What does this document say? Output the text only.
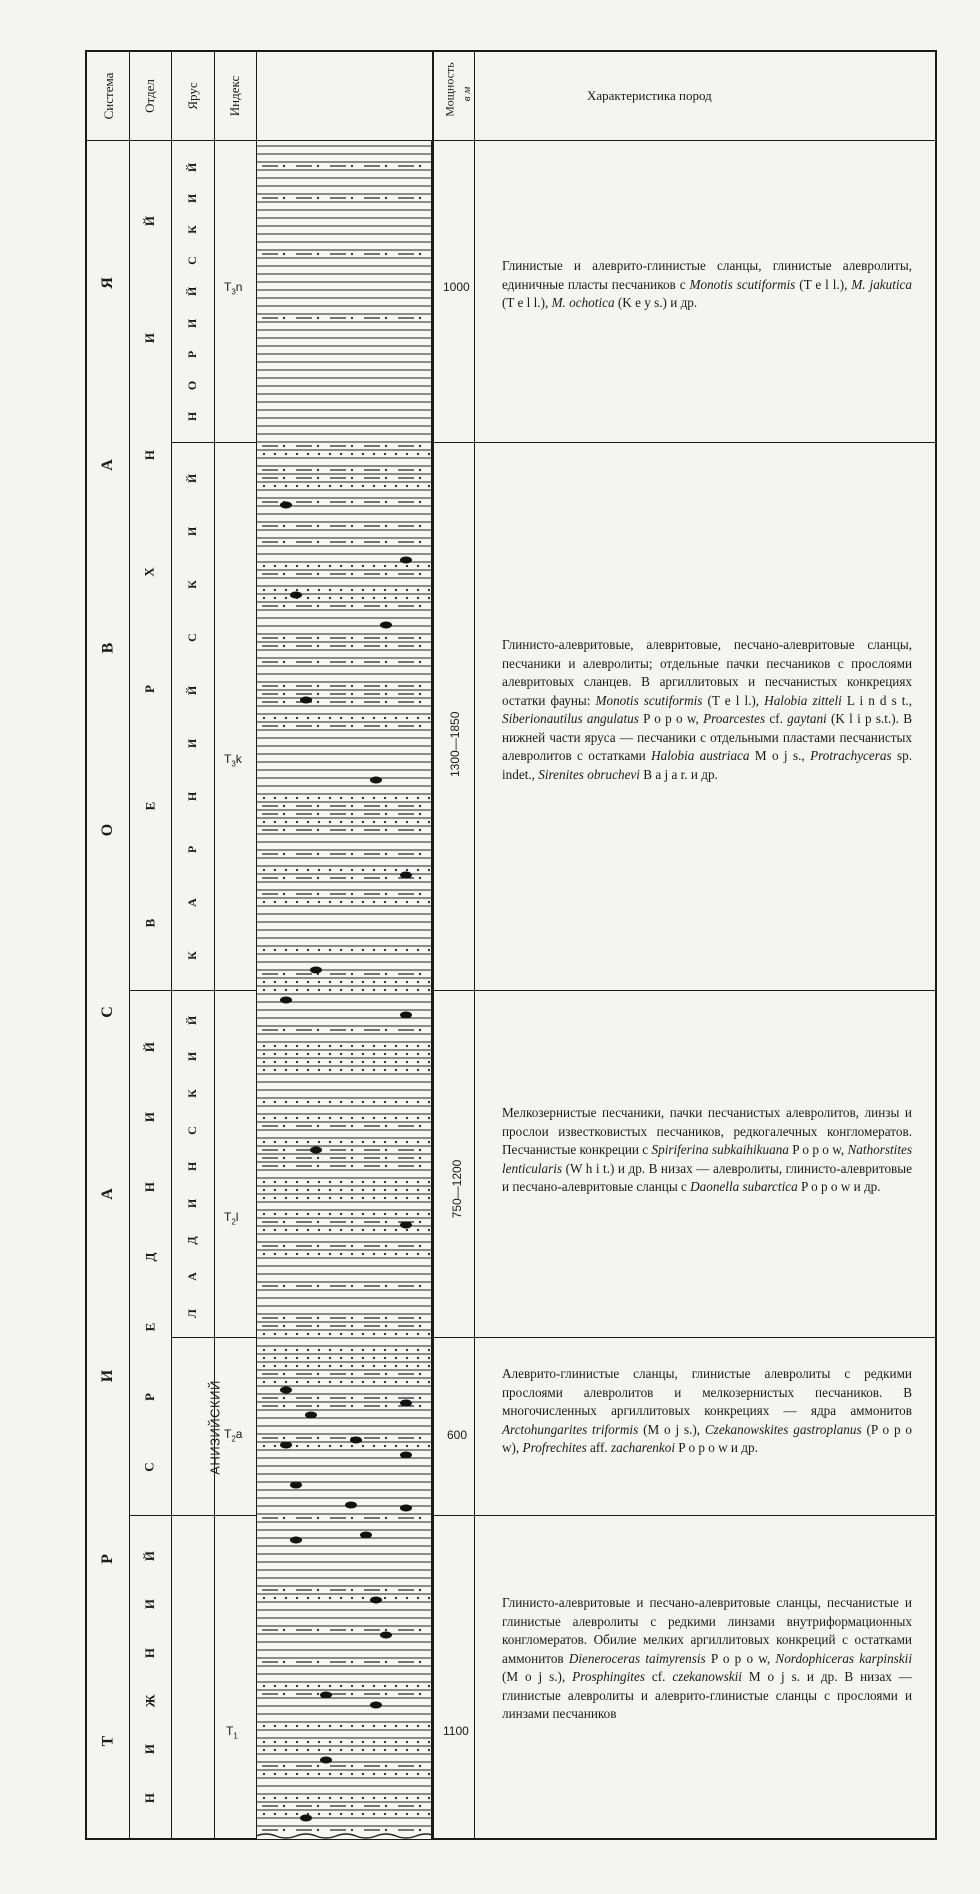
Система Отдел Ярус Индекс	Мощность в м	Характеристика пород
Я
А
В
О
С
А
И
Р
Т
Й
И
Н
Х
Р
Е
В
Й
И
Н
Д
Е
Р
С
Й
И
Н
Ж
И
Н
Й
И
К
С
Й
И
Р
О
Н
Й
И
К
С
Й
И
Н
Р
А
К
Й
И
К
С
Н
И
Д
А
Л
АНИЗИЙСКИЙ
$T_3n$
$T_3k$
$T_2l$
$T_2a$
$T_1$
1000
1300—1850
750—1200
600
1100
Глинистые и алеврито-глинистые сланцы, глинистые алевролиты, единичные пласты песчаников с Monotis scutiformis (T e l l.), M. jakutica (T e l l.), M. ochotica (K e y s.) и др.
Глинисто-алевритовые, алевритовые, песчано-алевритовые сланцы, песчаники и алевролиты; отдельные пачки песчаников с прослоями алевритовых сланцев. В аргиллитовых и песчанистых конкрециях остатки фауны: Monotis scutiformis (T e l l.), Halobia zitteli L i n d s t., Siberionautilus angulatus P o p o w, Proarcestes cf. gaytani (K l i p s.t.). В нижней части яруса — песчаники с отдельными пластами песчанистых алевролитов с остатками Halobia austriaca M o j s., Protrachyceras sp. indet., Sirenites obruchevi B a j a r. и др.
Мелкозернистые песчаники, пачки песчанистых алевролитов, линзы и прослои известковистых песчаников, редкогалечных конгломератов. Песчанистые конкреции с Spiriferina subkaihikuana P o p o w, Nathorstites lenticularis (W h i t.) и др. В низах — алевролиты, глинисто-алевритовые и песчано-алевритовые сланцы с Daonella subarctica P o p o w и др.
Алеврито-глинистые сланцы, глинистые алевролиты с редкими прослоями алевролитов и мелкозернистых песчаников. В многочисленных аргиллитовых конкрециях — ядра аммонитов Arctohungarites triformis (M o j s.), Czekanowskites gastroplanus (P o p o w), Profrechites aff. zacharenkoi P o p o w и др.
Глинисто-алевритовые и песчано-алевритовые сланцы, песчанистые и глинистые алевролиты с редкими линзами внутриформационных конгломератов. Обилие мелких аргиллитовых конкреций с остатками аммонитов Dieneroceras taimyrensis P o p o w, Nordophiceras karpinskii (M o j s.), Prosphingites cf. czekanowskii M o j s. и др. В низах — глинистые алевролиты и алеврито-глинистые сланцы с прослоями и линзами песчаников
